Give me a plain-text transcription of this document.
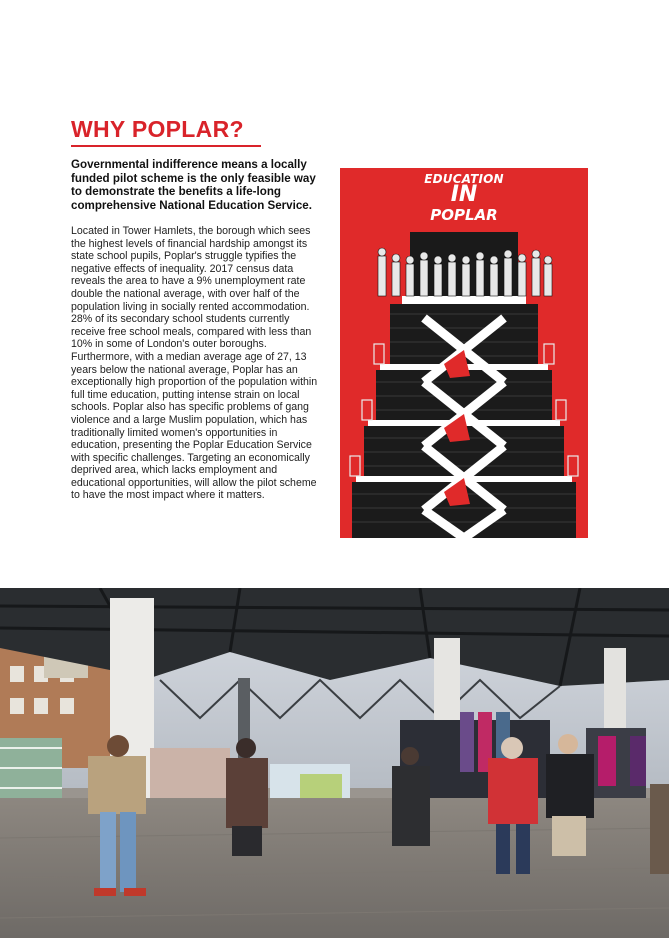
WHY POPLAR?

Governmental indifference means a locally funded pilot scheme is the only feasible way to demonstrate the benefits a life-long comprehensive National Education Service.

Located in Tower Hamlets, the borough which sees the highest levels of financial hardship amongst its state school pupils, Poplar's struggle typifies the negative effects of inequality. 2017 census data reveals the area to have a 9% unemployment rate double the national average, with over half of the population living in socially rented accommodation. 28% of its secondary school students currently receive free school meals, compared with less than 10% in some of London's outer boroughs. Furthermore, with a median average age of 27, 13 years below the national average, Poplar has an exceptionally high proportion of the population within full time education, putting intense strain on local schools. Poplar also has specific problems of gang violence and a large Muslim population, which has traditionally limited women's opportunities in education, presenting the Poplar Education Service with specific challenges. Targeting an economically deprived area, which lacks employment and educational opportunities, will allow the pilot scheme to have the most impact where it matters.

EDUCATION
IN
POPLAR
